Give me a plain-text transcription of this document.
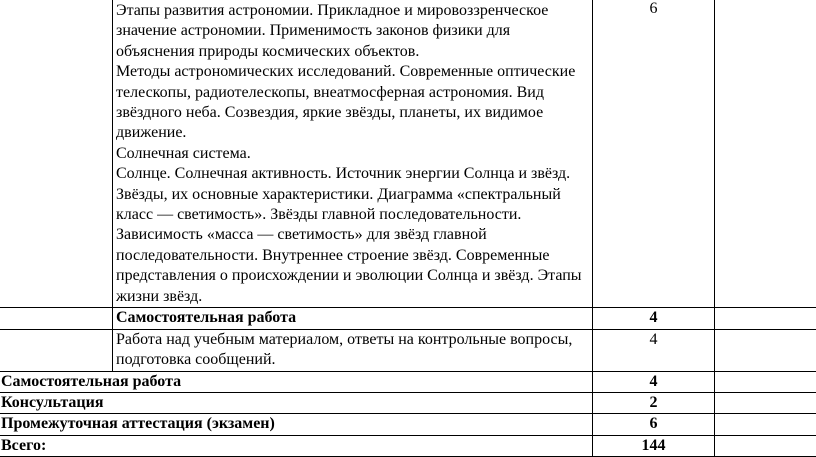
	Этапы развития астрономии. Прикладное и мировоззренческое значение астрономии. Применимость законов физики для объяснения природы космических объектов.
Методы астрономических исследований. Современные оптические телескопы, радиотелескопы, внеатмосферная астрономия. Вид звёздного неба. Созвездия, яркие звёзды, планеты, их видимое движение.
Солнечная система.
Солнце. Солнечная активность. Источник энергии Солнца и звёзд. Звёзды, их основные характеристики. Диаграмма «спектральный класс — светимость». Звёзды главной последовательности. Зависимость «масса — светимость» для звёзд главной последовательности. Внутреннее строение звёзд. Современные представления о происхождении и эволюции Солнца и звёзд. Этапы жизни звёзд.	6	
	Самостоятельная работа	4	
	Работа над учебным материалом, ответы на контрольные вопросы, подготовка сообщений.	4	
Самостоятельная работа		4	
Консультация		2	
Промежуточная аттестация (экзамен)		6	
Всего:		144	
